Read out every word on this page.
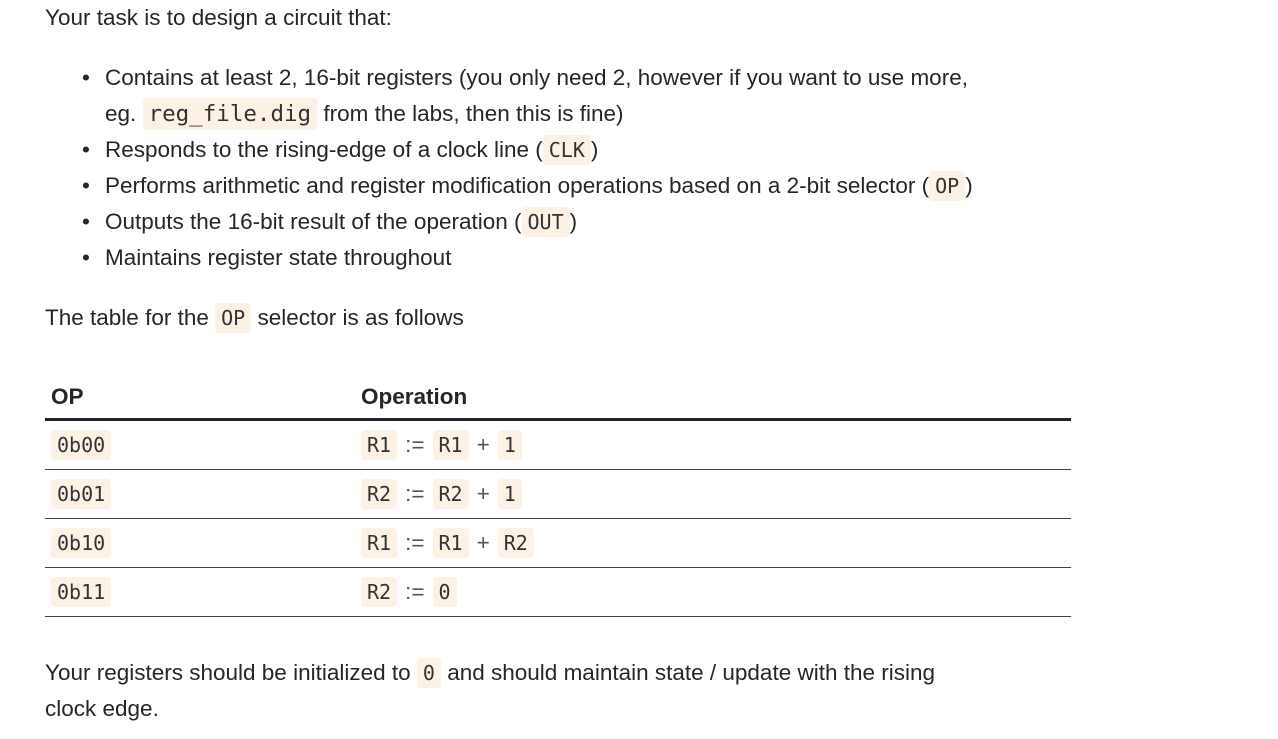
Your task is to design a circuit that:

• Contains at least 2, 16-bit registers (you only need 2, however if you want to use more,
eg. reg_file.dig from the labs, then this is fine)
• Responds to the rising-edge of a clock line ( CLK )
• Performs arithmetic and register modification operations based on a 2-bit selector ( OP )
• Outputs the 16-bit result of the operation ( OUT )
• Maintains register state throughout

The table for the OP selector is as follows

OP	Operation
0b00	R1 := R1 + 1

0b01	R2 := R2 + 1

0b10	R1 := R1 + R2

0b11	R2 := 0

Your registers should be initialized to 0 and should maintain state / update with the rising
clock edge.
